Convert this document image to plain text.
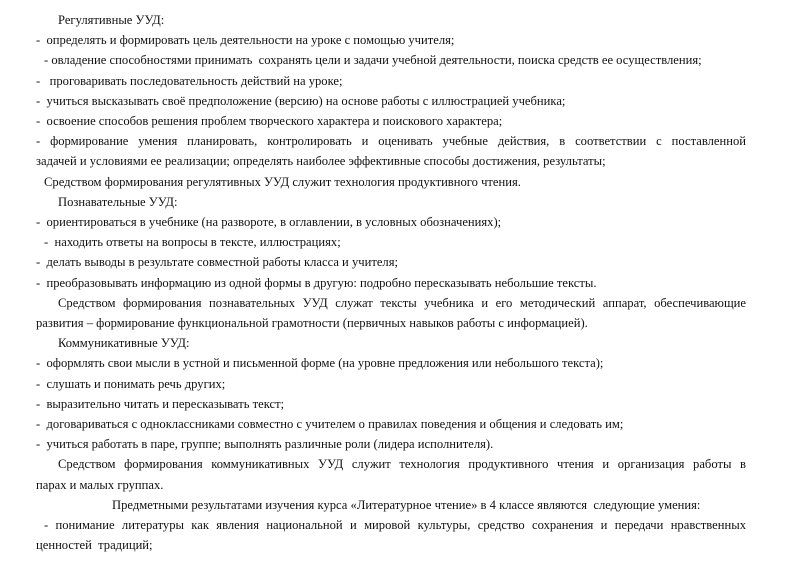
Регулятивные УУД:

-  определять и формировать цель деятельности на уроке с помощью учителя;

- овладение способностями принимать  сохранять цели и задачи учебной деятельности, поиска средств ее осуществления;

-   проговаривать последовательность действий на уроке;

-  учиться высказывать своё предположение (версию) на основе работы с иллюстрацией учебника;

-  освоение способов решения проблем творческого характера и поискового характера;

- формирование умения планировать, контролировать и оценивать учебные действия, в соответствии с поставленной

задачей и условиями ее реализации; определять наиболее эффективные способы достижения, результаты;

Средством формирования регулятивных УУД служит технология продуктивного чтения.

Познавательные УУД:

-  ориентироваться в учебнике (на развороте, в оглавлении, в условных обозначениях);

-  находить ответы на вопросы в тексте, иллюстрациях;

-  делать выводы в результате совместной работы класса и учителя;

-  преобразовывать информацию из одной формы в другую: подробно пересказывать небольшие тексты.

Средством формирования познавательных УУД служат тексты учебника и его методический аппарат, обеспечивающие

развития – формирование функциональной грамотности (первичных навыков работы с информацией).

Коммуникативные УУД:

-  оформлять свои мысли в устной и письменной форме (на уровне предложения или небольшого текста);

-  слушать и понимать речь других;

-  выразительно читать и пересказывать текст;

-  договариваться с одноклассниками совместно с учителем о правилах поведения и общения и следовать им;

-  учиться работать в паре, группе; выполнять различные роли (лидера исполнителя).

Средством формирования коммуникативных УУД служит технология продуктивного чтения и организация работы в

парах и малых группах.

Предметными результатами изучения курса «Литературное чтение» в 4 классе являются  следующие умения:

- понимание литературы как явления национальной и мировой культуры, средство сохранения и передачи нравственных

ценностей  традиций;
